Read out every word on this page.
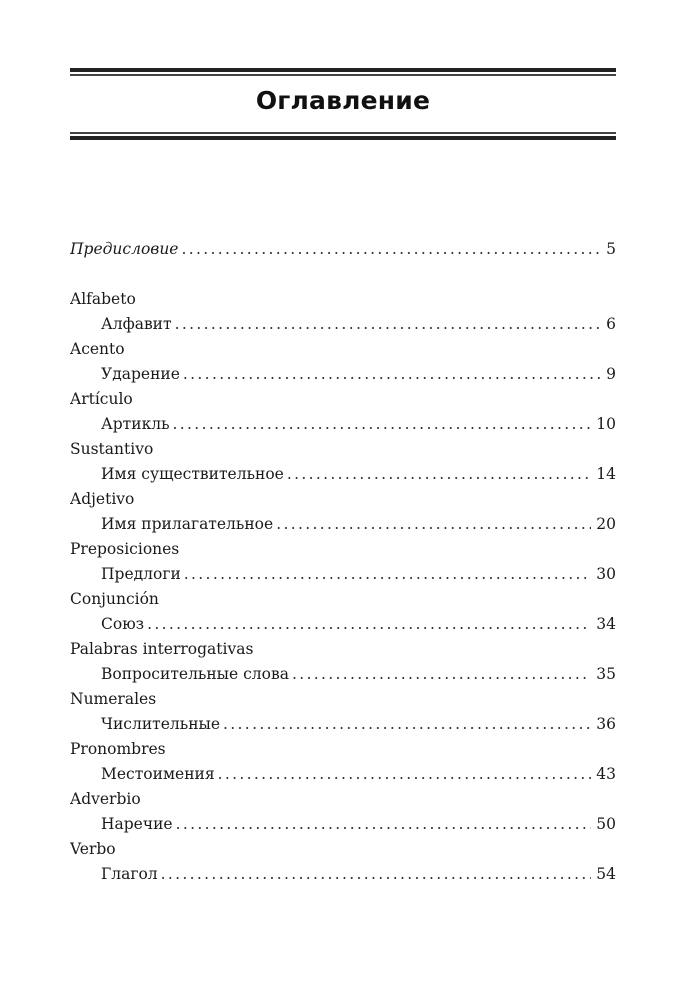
Оглавление
Предисловие . . .	5
Alfabeto
Алфавит . . .	6
Acento
Ударение . . .	9
Artículo
Артикль . . .	10
Sustantivo
Имя существительное . . .	14
Adjetivo
Имя прилагательное . . .	20
Preposiciones
Предлоги . . .	30
Conjunción
Союз . . .	34
Palabras interrogativas
Вопросительные слова . . .	35
Numerales
Числительные . . .	36
Pronombres
Местоимения . . .	43
Adverbio
Наречие . . .	50
Verbo
Глагол . . .	54
